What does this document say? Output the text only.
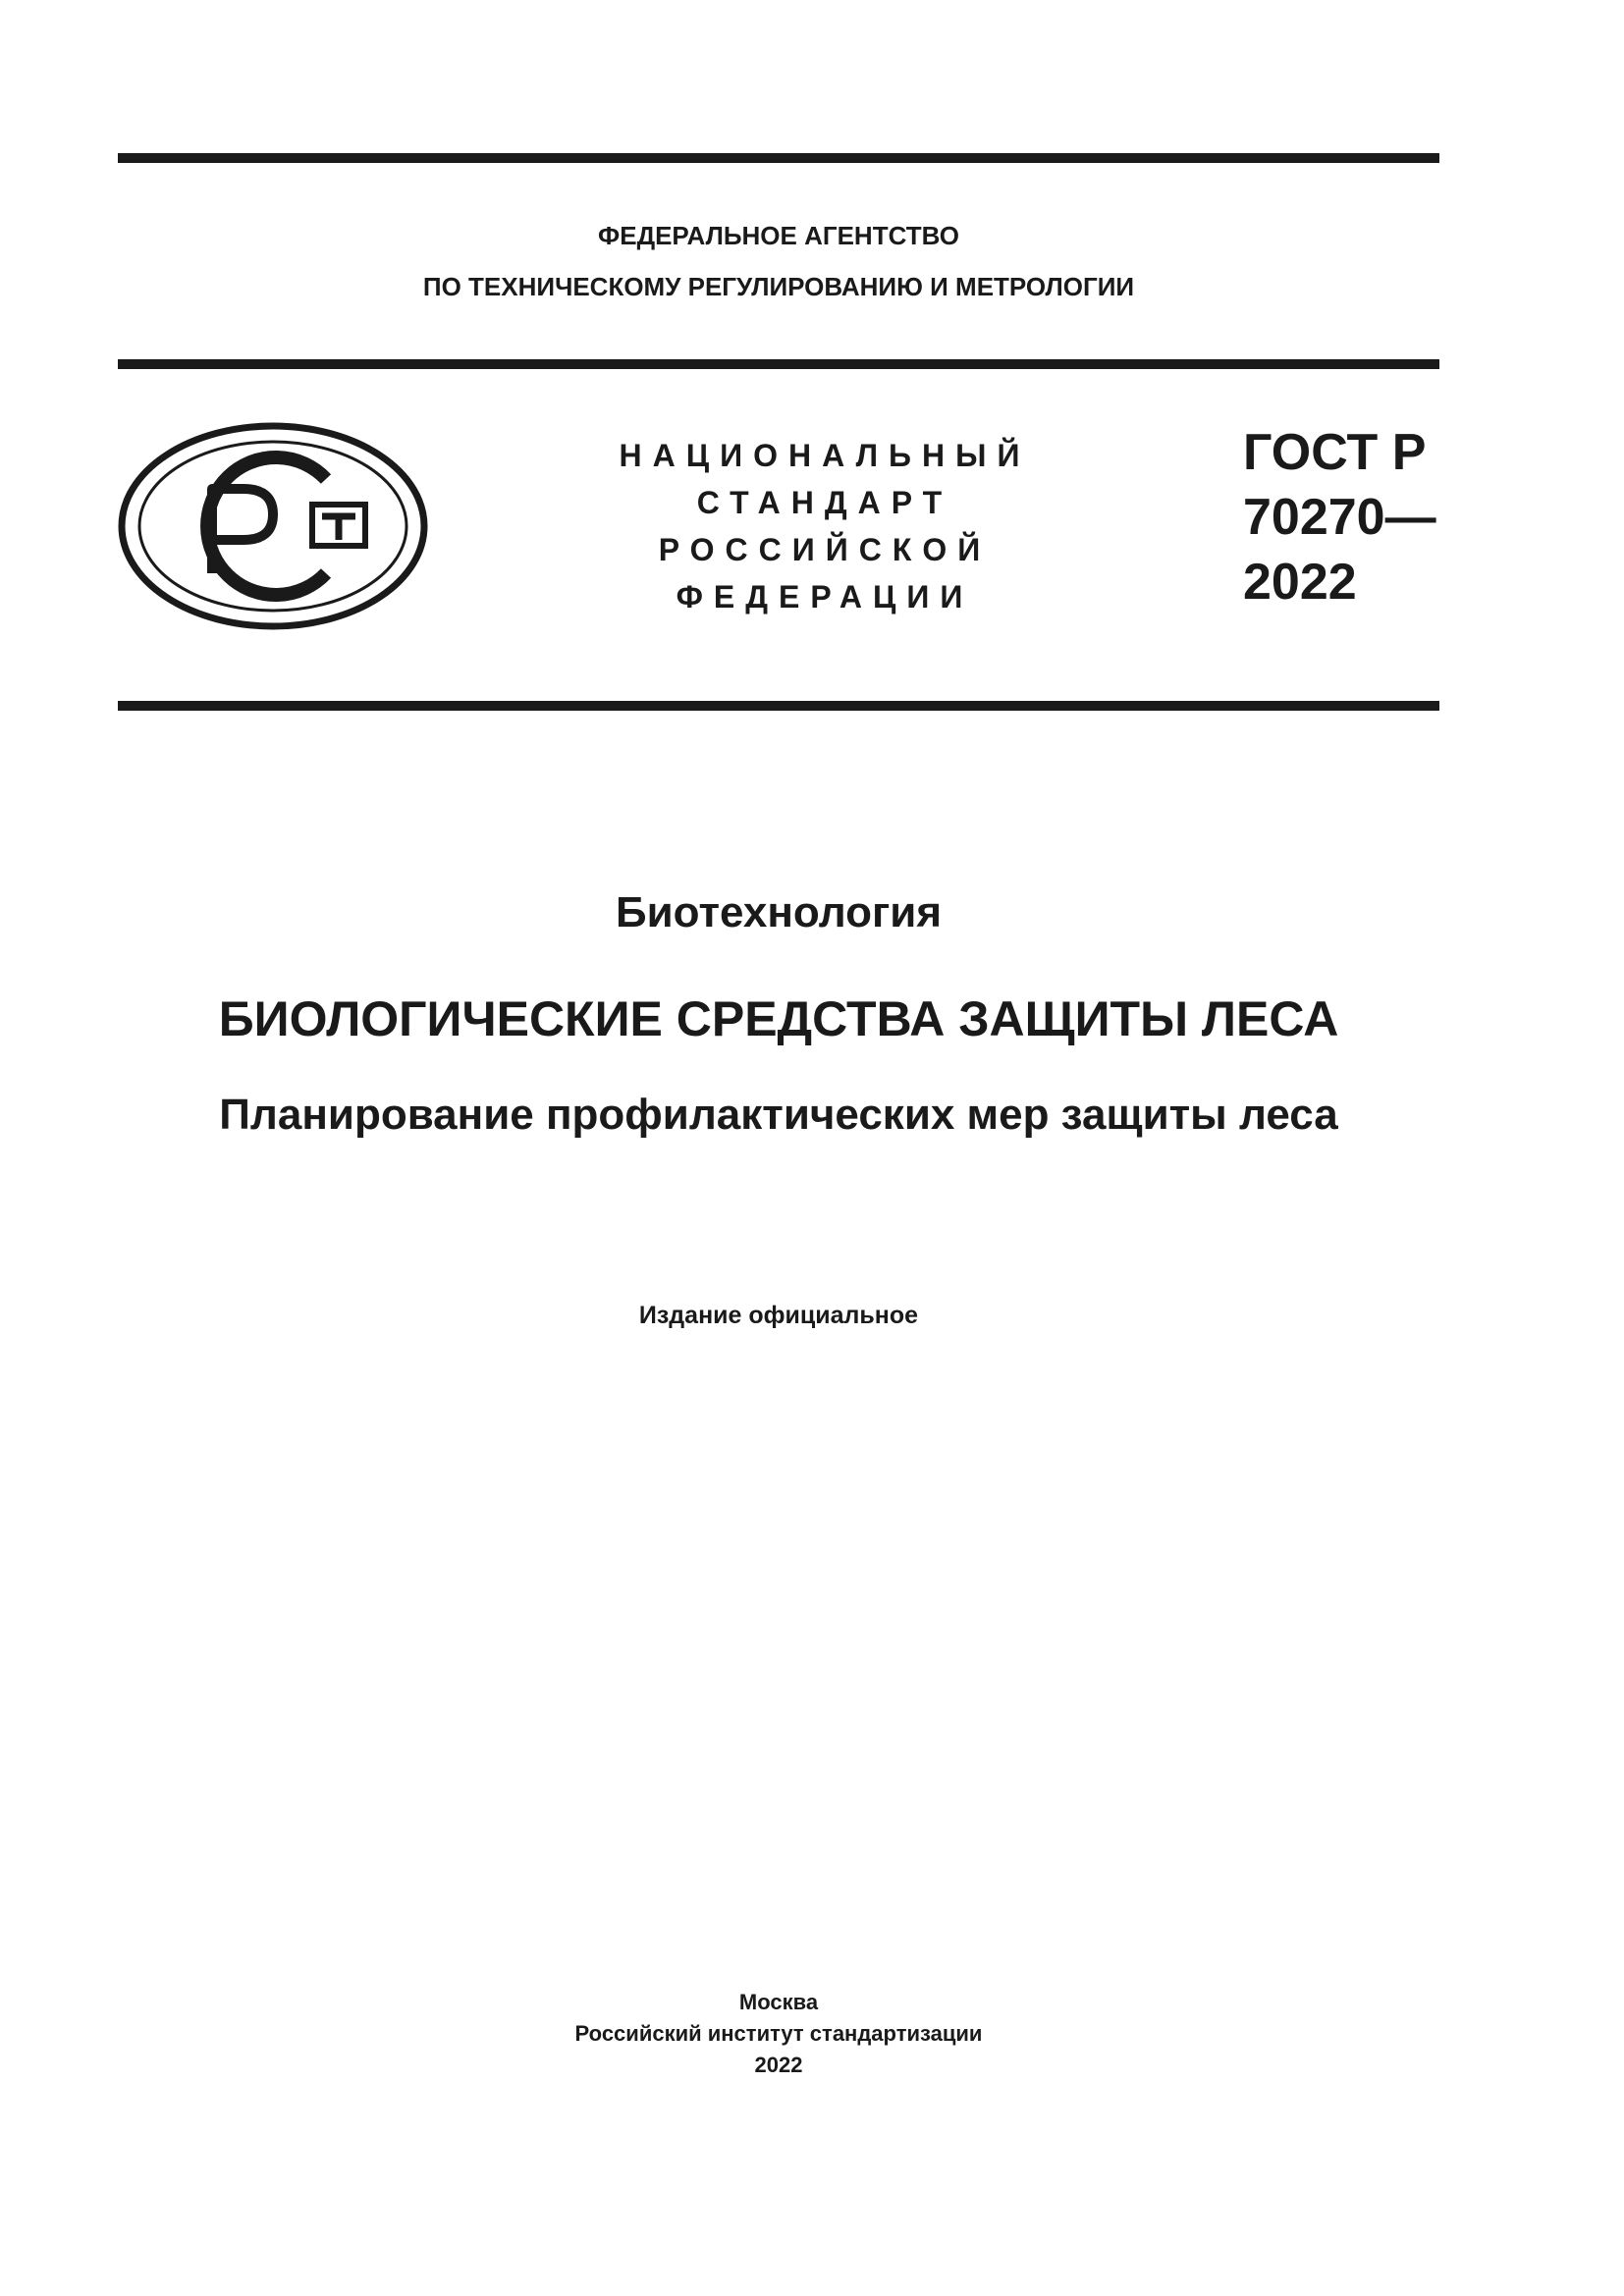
ФЕДЕРАЛЬНОЕ АГЕНТСТВО
ПО ТЕХНИЧЕСКОМУ РЕГУЛИРОВАНИЮ И МЕТРОЛОГИИ
НАЦИОНАЛЬНЫЙ
СТАНДАРТ
РОССИЙСКОЙ
ФЕДЕРАЦИИ
ГОСТ Р
70270—
2022
Биотехнология
БИОЛОГИЧЕСКИЕ СРЕДСТВА ЗАЩИТЫ ЛЕСА
Планирование профилактических мер защиты леса
Издание официальное
Москва
Российский институт стандартизации
2022
